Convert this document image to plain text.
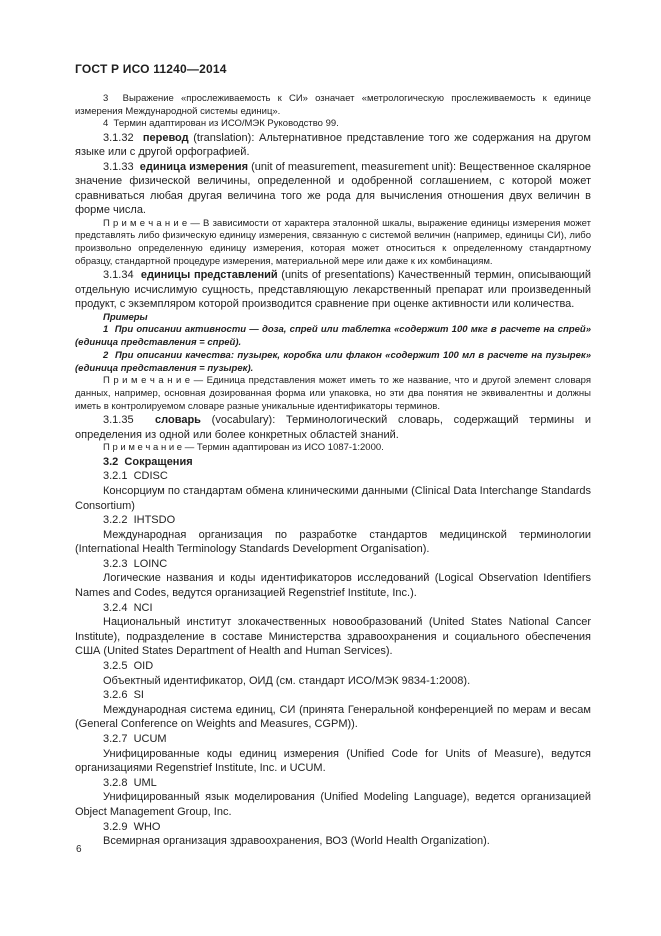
ГОСТ Р ИСО 11240—2014

3  Выражение «прослеживаемость к СИ» означает «метрологическую прослеживаемость к единице измерения Международной системы единиц».

4  Термин адаптирован из ИСО/МЭК Руководство 99.

3.1.32  перевод (translation): Альтернативное представление того же содержания на другом языке или с другой орфографией.

3.1.33  единица измерения (unit of measurement, measurement unit): Вещественное скалярное значение физической величины, определенной и одобренной соглашением, с которой может сравниваться любая другая величина того же рода для вычисления отношения двух величин в форме числа.

П р и м е ч а н и е — В зависимости от характера эталонной шкалы, выражение единицы измерения может представлять либо физическую единицу измерения, связанную с системой величин (например, единицы СИ), либо произвольно определенную единицу измерения, которая может относиться к определенному стандартному образцу, стандартной процедуре измерения, материальной мере или даже к их комбинациям.

3.1.34  единицы представлений (units of presentations) Качественный термин, описывающий отдельную исчислимую сущность, представляющую лекарственный препарат или произведенный продукт, с экземпляром которой производится сравнение при оценке активности или количества.

Примеры

1  При описании активности — доза, спрей или таблетка «содержит 100 мкг в расчете на спрей» (единица представления = спрей).

2  При описании качества: пузырек, коробка или флакон «содержит 100 мл в расчете на пузырек» (единица представления = пузырек).

П р и м е ч а н и е — Единица представления может иметь то же название, что и другой элемент словаря данных, например, основная дозированная форма или упаковка, но эти два понятия не эквивалентны и должны иметь в контролируемом словаре разные уникальные идентификаторы терминов.

3.1.35  словарь (vocabulary): Терминологический словарь, содержащий термины и определения из одной или более конкретных областей знаний.

П р и м е ч а н и е — Термин адаптирован из ИСО 1087-1:2000.

3.2  Сокращения

3.2.1  CDISC

Консорциум по стандартам обмена клиническими данными (Clinical Data Interchange Standards Consortium)

3.2.2  IHTSDO

Международная организация по разработке стандартов медицинской терминологии (International Health Terminology Standards Development Organisation).

3.2.3  LOINC

Логические названия и коды идентификаторов исследований (Logical Observation Identifiers Names and Codes, ведутся организацией Regenstrief Institute, Inc.).

3.2.4  NCI

Национальный институт злокачественных новообразований (United States National Cancer Institute), подразделение в составе Министерства здравоохранения и социального обеспечения США (United States Department of Health and Human Services).

3.2.5  OID

Объектный идентификатор, ОИД (см. стандарт ИСО/МЭК 9834-1:2008).

3.2.6  SI

Международная система единиц, СИ (принята Генеральной конференцией по мерам и весам (General Conference on Weights and Measures, CGPM)).

3.2.7  UCUM

Унифицированные коды единиц измерения (Unified Code for Units of Measure), ведутся организациями Regenstrief Institute, Inc. и UCUM.

3.2.8  UML

Унифицированный язык моделирования (Unified Modeling Language), ведется организацией Object Management Group, Inc.

3.2.9  WHO

Всемирная организация здравоохранения, ВОЗ (World Health Organization).

6
